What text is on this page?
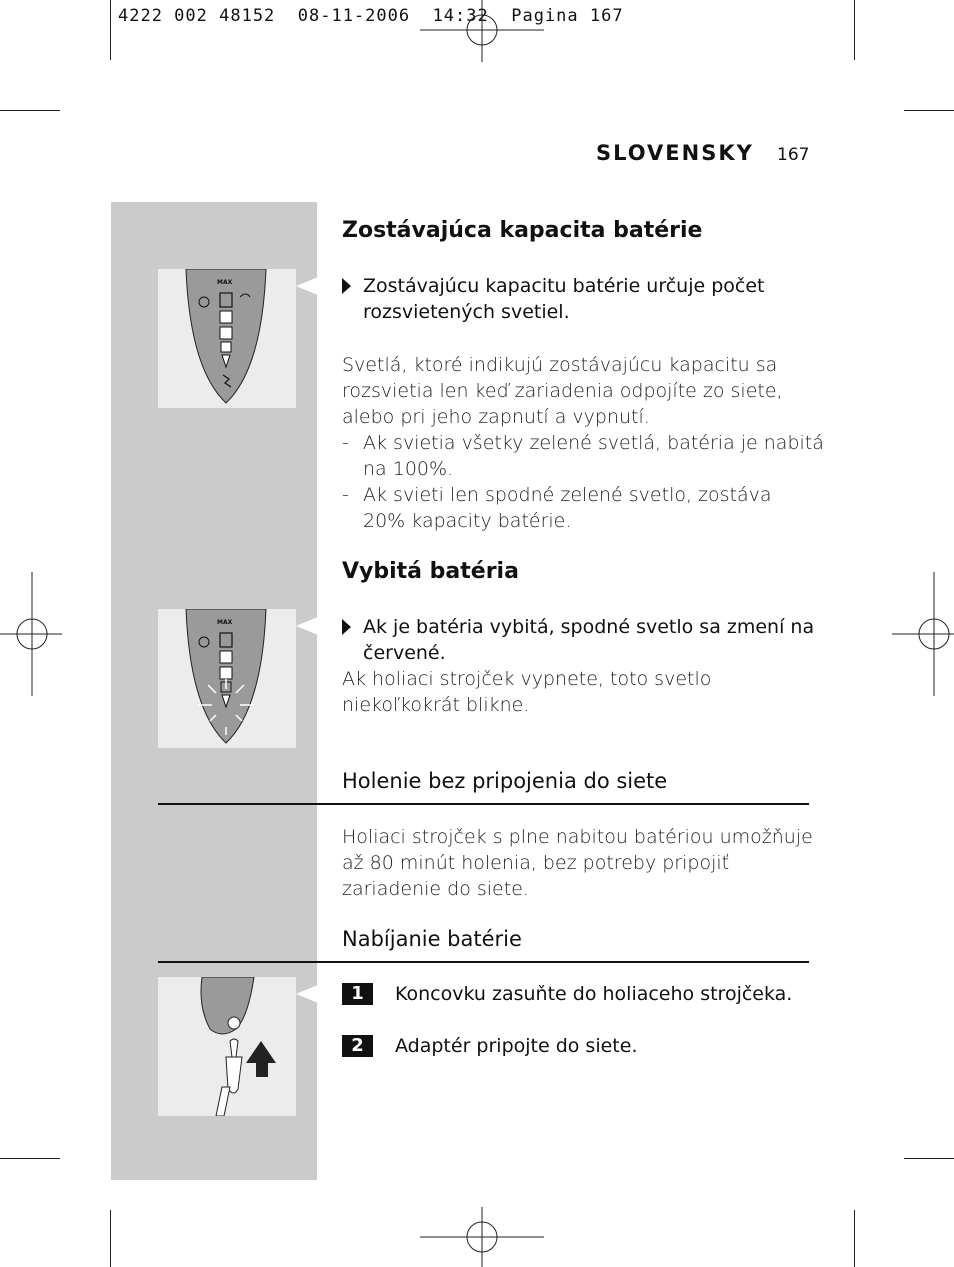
4222 002 48152  08-11-2006  14:32  Pagina 167
SLOVENSKY 167
MAX
MAX
Zostávajúca kapacita batérie
Zostávajúcu kapacitu batérie určuje počet
rozsvietených svetiel.
Svetlá, ktoré indikujú zostávajúcu kapacitu sa
rozsvietia len keď zariadenia odpojíte zo siete,
alebo pri jeho zapnutí a vypnutí.
- Ak svietia všetky zelené svetlá, batéria je nabitá
na 100%.
- Ak svieti len spodné zelené svetlo, zostáva
20% kapacity batérie.
Vybitá batéria
Ak je batéria vybitá, spodné svetlo sa zmení na
červené.
Ak holiaci strojček vypnete, toto svetlo
niekoľkokrát blikne.
Holenie bez pripojenia do siete
Holiaci strojček s plne nabitou batériou umožňuje
až 80 minút holenia, bez potreby pripojiť
zariadenie do siete.
Nabíjanie batérie
1	Koncovku zasuňte do holiaceho strojčeka.
2	Adaptér pripojte do siete.
